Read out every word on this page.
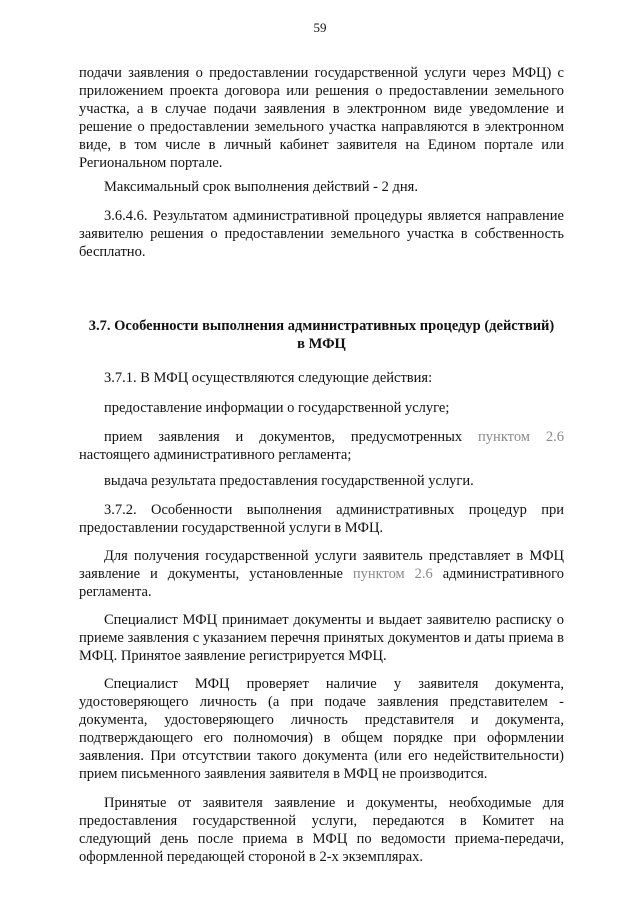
59

подачи заявления о предоставлении государственной услуги через МФЦ) с приложением проекта договора или решения о предоставлении земельного участка, а в случае подачи заявления в электронном виде уведомление и решение о предоставлении земельного участка направляются в электронном виде, в том числе в личный кабинет заявителя на Едином портале или Региональном портале.

Максимальный срок выполнения действий - 2 дня.

3.6.4.6. Результатом административной процедуры является направление заявителю решения о предоставлении земельного участка в собственность бесплатно.

3.7. Особенности выполнения административных процедур (действий)
в МФЦ

3.7.1. В МФЦ осуществляются следующие действия:

предоставление информации о государственной услуге;

прием заявления и документов, предусмотренных пунктом 2.6 настоящего административного регламента;

выдача результата предоставления государственной услуги.

3.7.2. Особенности выполнения административных процедур при предоставлении государственной услуги в МФЦ.

Для получения государственной услуги заявитель представляет в МФЦ заявление и документы, установленные пунктом 2.6 административного регламента.

Специалист МФЦ принимает документы и выдает заявителю расписку о приеме заявления с указанием перечня принятых документов и даты приема в МФЦ. Принятое заявление регистрируется МФЦ.

Специалист МФЦ проверяет наличие у заявителя документа, удостоверяющего личность (а при подаче заявления представителем - документа, удостоверяющего личность представителя и документа, подтверждающего его полномочия) в общем порядке при оформлении заявления. При отсутствии такого документа (или его недействительности) прием письменного заявления заявителя в МФЦ не производится.

Принятые от заявителя заявление и документы, необходимые для предоставления государственной услуги, передаются в Комитет на следующий день после приема в МФЦ по ведомости приема-передачи, оформленной передающей стороной в 2-х экземплярах.
